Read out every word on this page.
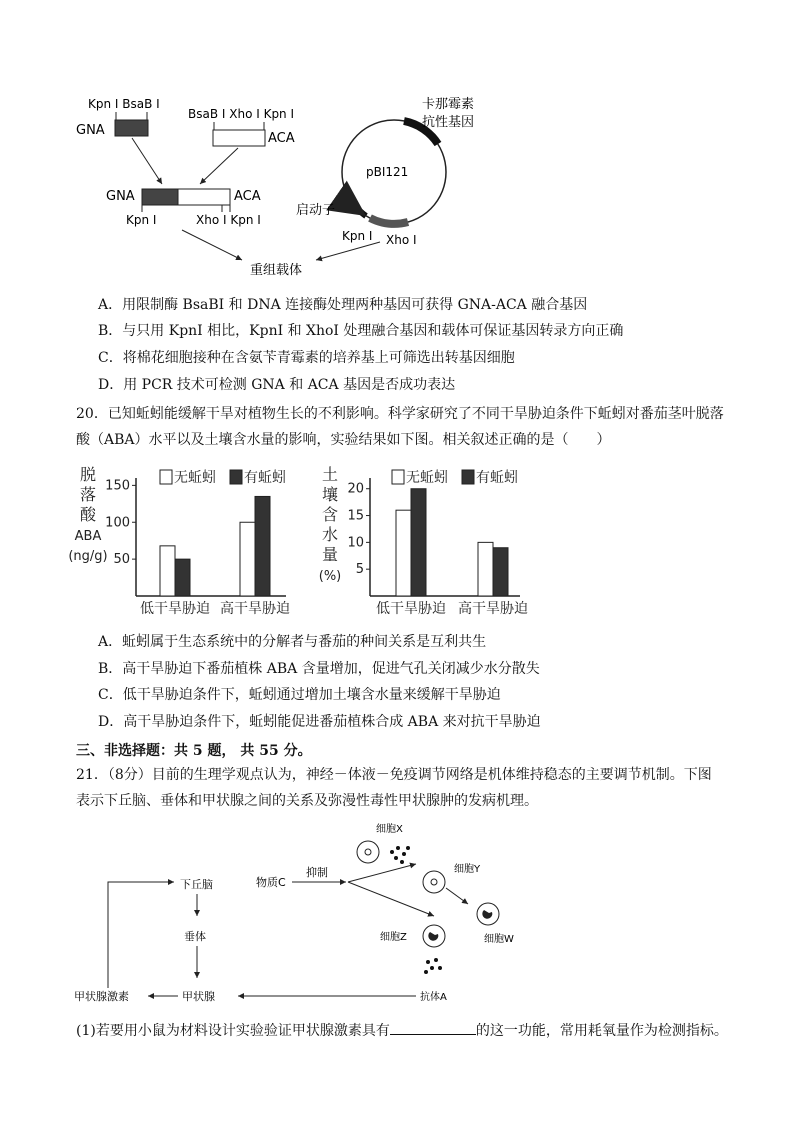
Kpn Ⅰ BsaB Ⅰ
GNA
BsaB Ⅰ Xho Ⅰ Kpn Ⅰ
ACA
GNA	ACA
Kpn Ⅰ	Xho Ⅰ Kpn Ⅰ
重组载体
pBI121
卡那霉素
抗性基因
启动子
Kpn Ⅰ Xho Ⅰ
A．用限制酶 BsaBI 和 DNA 连接酶处理两种基因可获得 GNA-ACA 融合基因
B．与只用 KpnI 相比，KpnI 和 XhoI 处理融合基因和载体可保证基因转录方向正确
C．将棉花细胞接种在含氨苄青霉素的培养基上可筛选出转基因细胞
D．用 PCR 技术可检测 GNA 和 ACA 基因是否成功表达
20．已知蚯蚓能缓解干旱对植物生长的不利影响。科学家研究了不同干旱胁迫条件下蚯蚓对番茄茎叶脱落
酸（ABA）水平以及土壤含水量的影响，实验结果如下图。相关叙述正确的是（　　）
50
100
150
脱
落
酸
ABA
(ng/g)
低干旱胁迫 高干旱胁迫
无蚯蚓 有蚯蚓
5
10
15
20
土
壤
含
水
量
(%)
低干旱胁迫 高干旱胁迫
无蚯蚓 有蚯蚓
A．蚯蚓属于生态系统中的分解者与番茄的种间关系是互利共生
B．高干旱胁迫下番茄植株 ABA 含量增加，促进气孔关闭减少水分散失
C．低干旱胁迫条件下，蚯蚓通过增加土壤含水量来缓解干旱胁迫
D．高干旱胁迫条件下，蚯蚓能促进番茄植株合成 ABA 来对抗干旱胁迫
三、非选择题：共 5 题， 共 55 分。
21．（8分）目前的生理学观点认为，神经－体液－免疫调节网络是机体维持稳态的主要调节机制。下图
表示下丘脑、垂体和甲状腺之间的关系及弥漫性毒性甲状腺肿的发病机理。
下丘脑
垂体
甲状腺
甲状腺激素
物质C
抑制
细胞X
细胞Y
细胞W
细胞Z
抗体A
(1)若要用小鼠为材料设计实验验证甲状腺激素具有	的这一功能，常用耗氧量作为检测指标。
